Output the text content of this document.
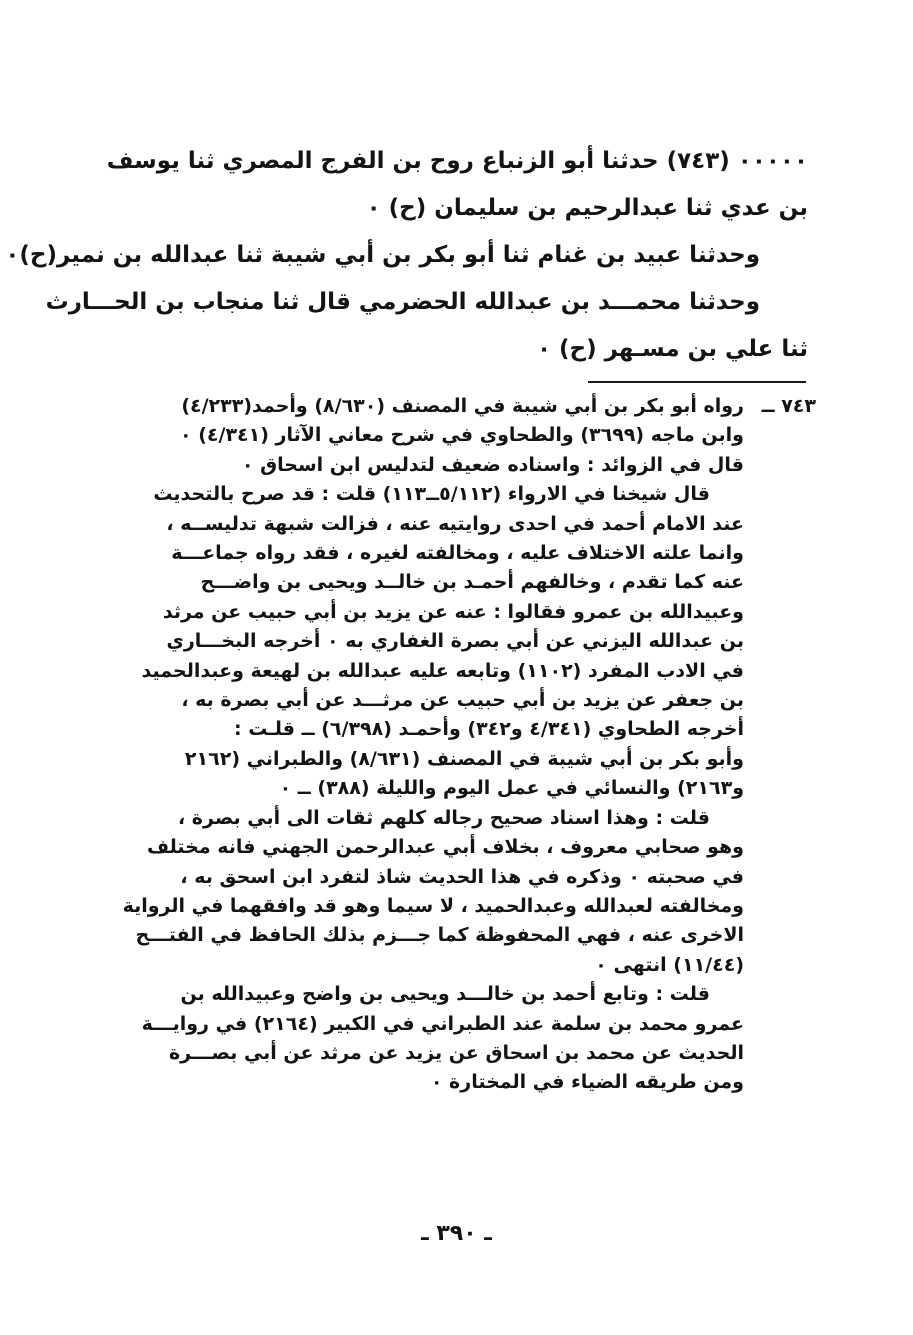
٠٠٠٠٠ (٧٤٣) حدثنا أبو الزنباع روح بن الفرج المصري ثنا يوسف
بن عدي ثنا عبدالرحيم بن سليمان (ح) ٠
وحدثنا عبيد بن غنام ثنا أبو بكر بن أبي شيبة ثنا عبدالله بن نمير(ح)٠
وحدثنا محمـــد بن عبدالله الحضرمي قال ثنا منجاب بن الحـــارث
ثنا علي بن مسـهر (ح) ٠
٧٤٣ ــ
رواه أبو بكر بن أبي شيبة في المصنف (٨/٦٣٠) وأحمد(٤/٢٣٣)
وابن ماجه (٣٦٩٩) والطحاوي في شرح معاني الآثار (٤/٣٤١) ٠
قال في الزوائد : واسناده ضعيف لتدليس ابن اسحاق ٠
قال شيخنا في الارواء (٥/١١٢ــ١١٣) قلت : قد صرح بالتحديث
عند الامام أحمد في احدى روايتيه عنه ، فزالت شبهة تدليســه ،
وانما علته الاختلاف عليه ، ومخالفته لغيره ، فقد رواه جماعـــة
عنه كما تقدم ، وخالفهم أحمـد بن خالــد ويحيى بن واضـــح
وعبيدالله بن عمرو فقالوا : عنه عن يزيد بن أبي حبيب عن مرثد
بن عبدالله اليزني عن أبي بصرة الغفاري به ٠ أخرجه البخـــاري
في الادب المفرد (١١٠٢) وتابعه عليه عبدالله بن لهيعة وعبدالحميد
بن جعفر عن يزيد بن أبي حبيب عن مرثـــد عن أبي بصرة به ،
أخرجه الطحاوي (٤/٣٤١ و٣٤٢) وأحمـد (٦/٣٩٨) ــ قلـت :
وأبو بكر بن أبي شيبة في المصنف (٨/٦٣١) والطبراني (٢١٦٢
و٢١٦٣) والنسائي في عمل اليوم والليلة (٣٨٨) ــ ٠
قلت : وهذا اسناد صحيح رجاله كلهم ثقات الى أبي بصرة ،
وهو صحابي معروف ، بخلاف أبي عبدالرحمن الجهني فانه مختلف
في صحبته ٠ وذكره في هذا الحديث شاذ لتفرد ابن اسحق به ،
ومخالفته لعبدالله وعبدالحميد ، لا سيما وهو قد وافقهما في الرواية
الاخرى عنه ، فهي المحفوظة كما جـــزم بذلك الحافظ في الفتـــح
(١١/٤٤) انتهى ٠
قلت : وتابع أحمد بن خالـــد ويحيى بن واضح وعبيدالله بن
عمرو محمد بن سلمة عند الطبراني في الكبير (٢١٦٤) في روايـــة
الحديث عن محمد بن اسحاق عن يزيد عن مرثد عن أبي بصـــرة
ومن طريقه الضياء في المختارة ٠
ـ ٣٩٠ ـ
